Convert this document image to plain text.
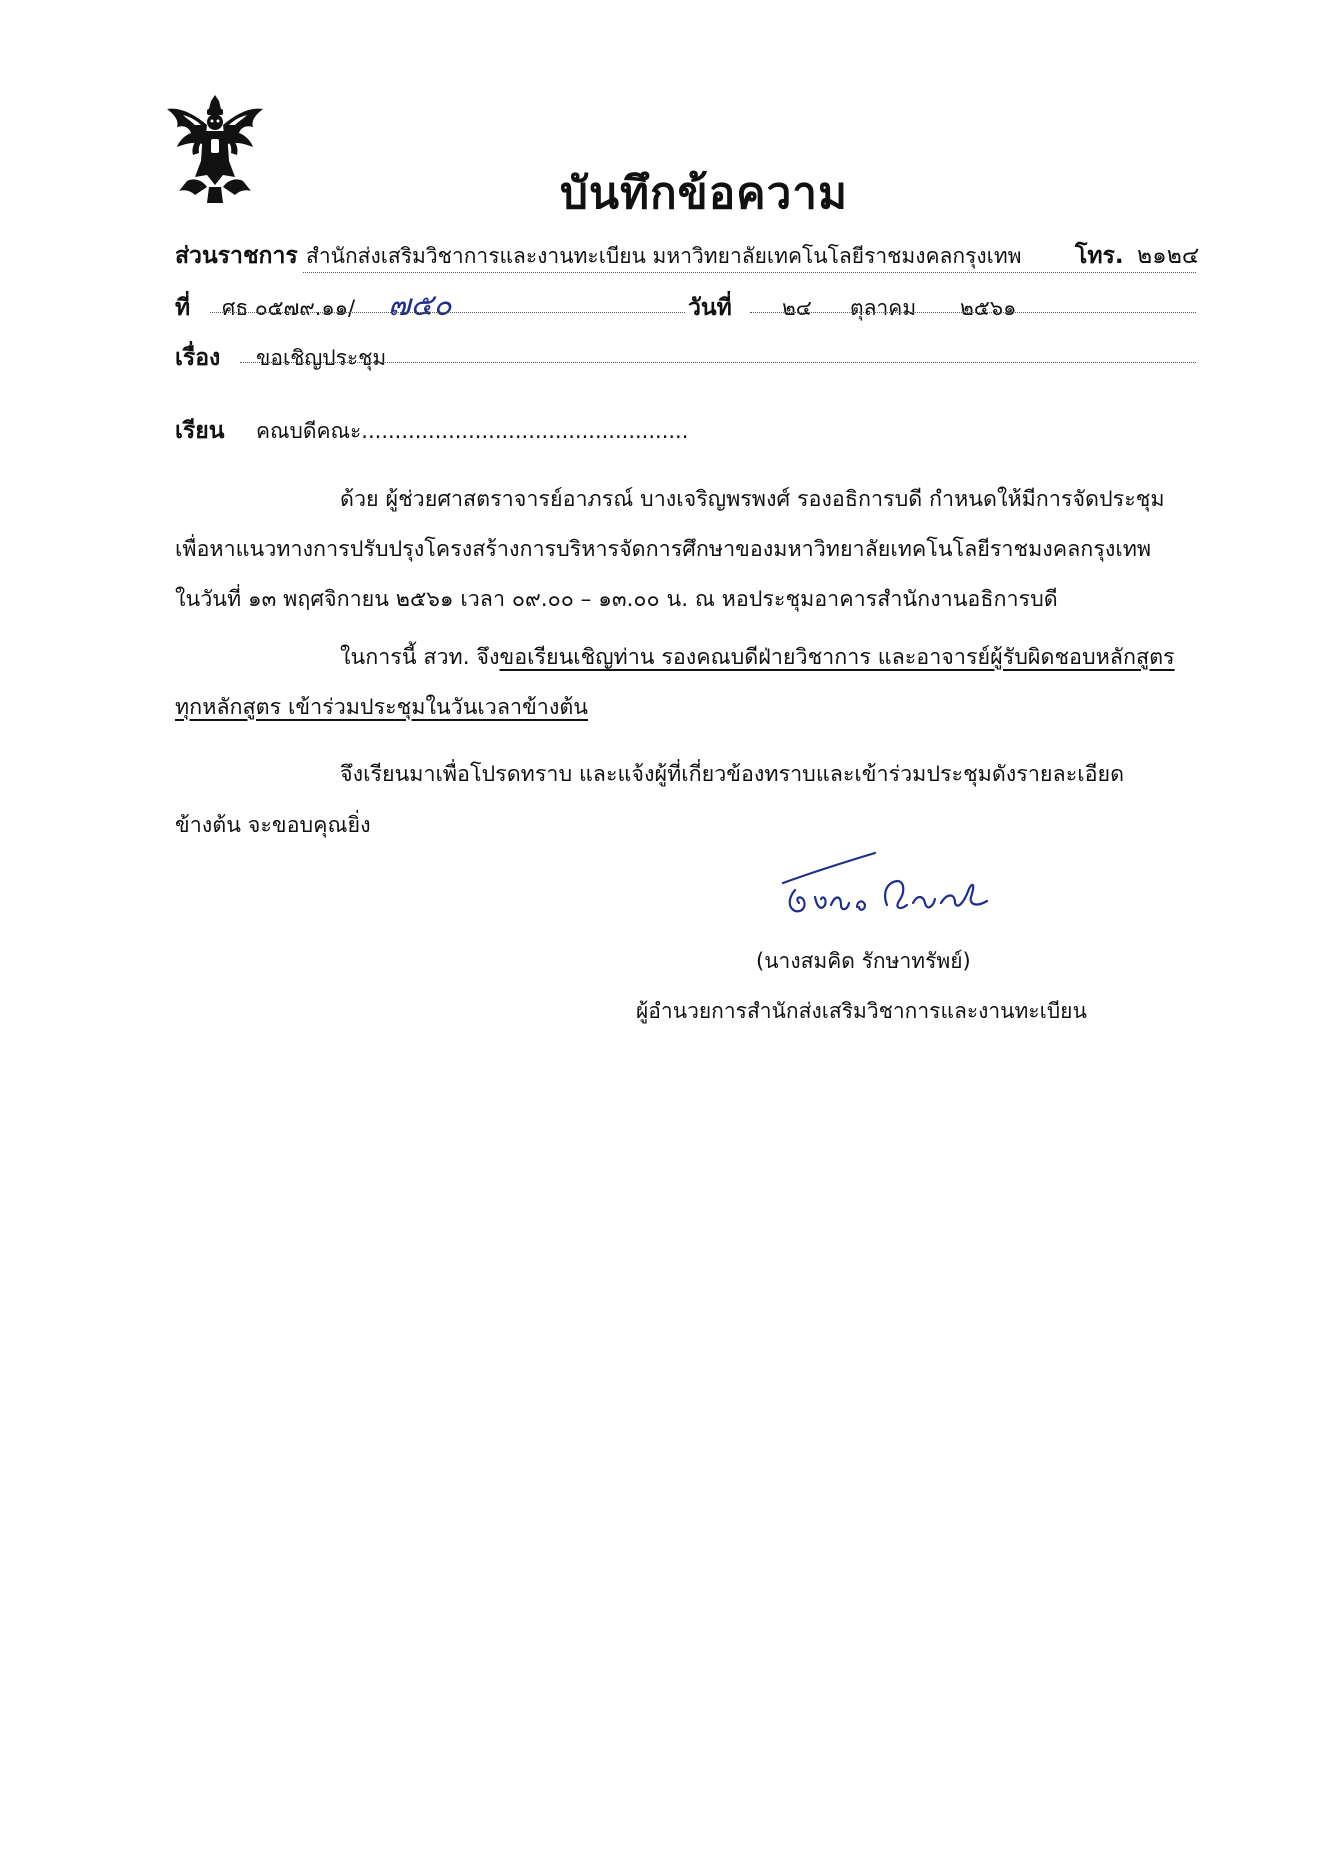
บันทึกข้อความ
ส่วนราชการ สำนักส่งเสริมวิชาการและงานทะเบียน มหาวิทยาลัยเทคโนโลยีราชมงคลกรุงเทพ โทร. ๒๑๒๔
ที่ ศธ ๐๕๗๙.๑๑/ ๗๕๐	วันที่ ๒๔ ตุลาคม ๒๕๖๑
เรื่อง ขอเชิญประชุม
เรียน คณบดีคณะ.................................................
ด้วย ผู้ช่วยศาสตราจารย์อาภรณ์ บางเจริญพรพงศ์ รองอธิการบดี กำหนดให้มีการจัดประชุม
เพื่อหาแนวทางการปรับปรุงโครงสร้างการบริหารจัดการศึกษาของมหาวิทยาลัยเทคโนโลยีราชมงคลกรุงเทพ
ในวันที่ ๑๓ พฤศจิกายน ๒๕๖๑ เวลา ๐๙.๐๐ – ๑๓.๐๐ น. ณ หอประชุมอาคารสำนักงานอธิการบดี
ในการนี้ สวท. จึงขอเรียนเชิญท่าน รองคณบดีฝ่ายวิชาการ และอาจารย์ผู้รับผิดชอบหลักสูตร
ทุกหลักสูตร เข้าร่วมประชุมในวันเวลาข้างต้น
จึงเรียนมาเพื่อโปรดทราบ และแจ้งผู้ที่เกี่ยวข้องทราบและเข้าร่วมประชุมดังรายละเอียด
ข้างต้น จะขอบคุณยิ่ง
(นางสมคิด รักษาทรัพย์)
ผู้อำนวยการสำนักส่งเสริมวิชาการและงานทะเบียน
